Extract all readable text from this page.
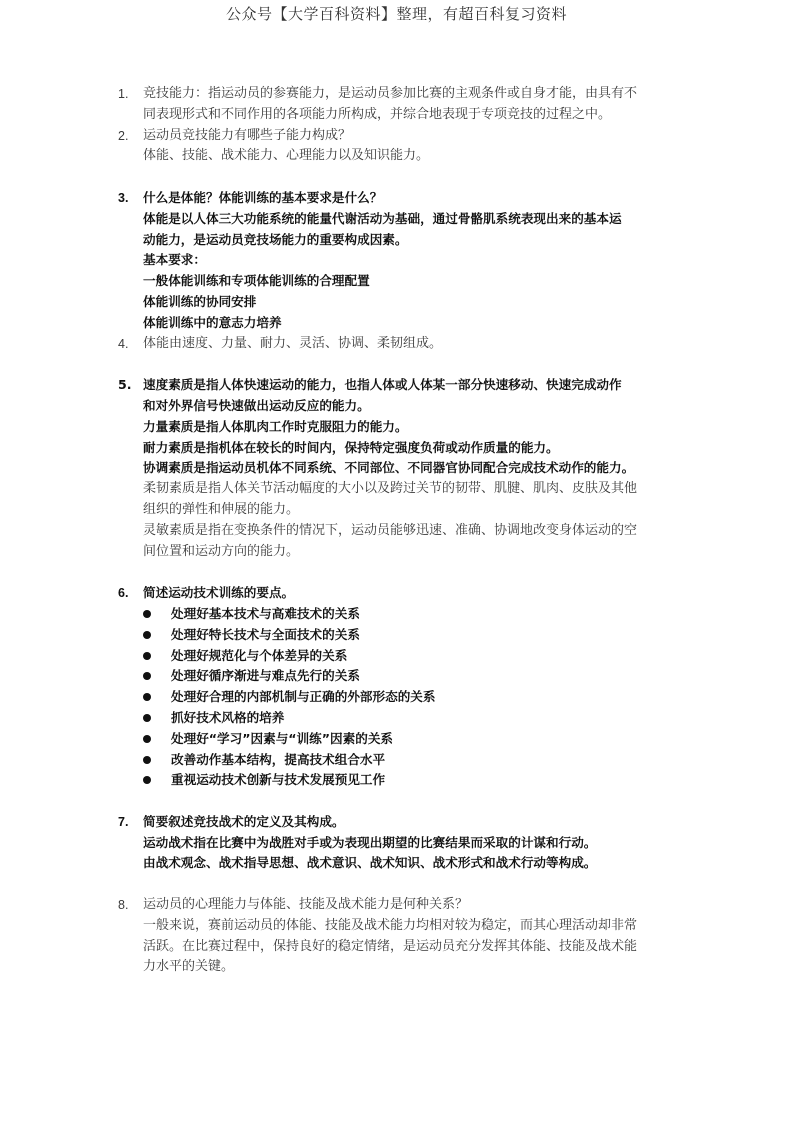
公众号【大学百科资料】整理，有超百科复习资料
1. 竞技能力：指运动员的参赛能力，是运动员参加比赛的主观条件或自身才能，由具有不
同表现形式和不同作用的各项能力所构成，并综合地表现于专项竞技的过程之中。
2. 运动员竞技能力有哪些子能力构成？
体能、技能、战术能力、心理能力以及知识能力。
3. 什么是体能？体能训练的基本要求是什么？
体能是以人体三大功能系统的能量代谢活动为基础，通过骨骼肌系统表现出来的基本运
动能力，是运动员竞技场能力的重要构成因素。
基本要求：
一般体能训练和专项体能训练的合理配置
体能训练的协同安排
体能训练中的意志力培养
4. 体能由速度、力量、耐力、灵活、协调、柔韧组成。
5. 速度素质是指人体快速运动的能力，也指人体或人体某一部分快速移动、快速完成动作
和对外界信号快速做出运动反应的能力。
力量素质是指人体肌肉工作时克服阻力的能力。
耐力素质是指机体在较长的时间内，保持特定强度负荷或动作质量的能力。
协调素质是指运动员机体不同系统、不同部位、不同器官协同配合完成技术动作的能力。
柔韧素质是指人体关节活动幅度的大小以及跨过关节的韧带、肌腱、肌肉、皮肤及其他
组织的弹性和伸展的能力。
灵敏素质是指在变换条件的情况下，运动员能够迅速、准确、协调地改变身体运动的空
间位置和运动方向的能力。
6. 简述运动技术训练的要点。
处理好基本技术与高难技术的关系
处理好特长技术与全面技术的关系
处理好规范化与个体差异的关系
处理好循序渐进与难点先行的关系
处理好合理的内部机制与正确的外部形态的关系
抓好技术风格的培养
处理好“学习”因素与“训练”因素的关系
改善动作基本结构，提高技术组合水平
重视运动技术创新与技术发展预见工作
7. 简要叙述竞技战术的定义及其构成。
运动战术指在比赛中为战胜对手或为表现出期望的比赛结果而采取的计谋和行动。
由战术观念、战术指导思想、战术意识、战术知识、战术形式和战术行动等构成。
8. 运动员的心理能力与体能、技能及战术能力是何种关系？
一般来说，赛前运动员的体能、技能及战术能力均相对较为稳定，而其心理活动却非常
活跃。在比赛过程中，保持良好的稳定情绪，是运动员充分发挥其体能、技能及战术能
力水平的关键。
